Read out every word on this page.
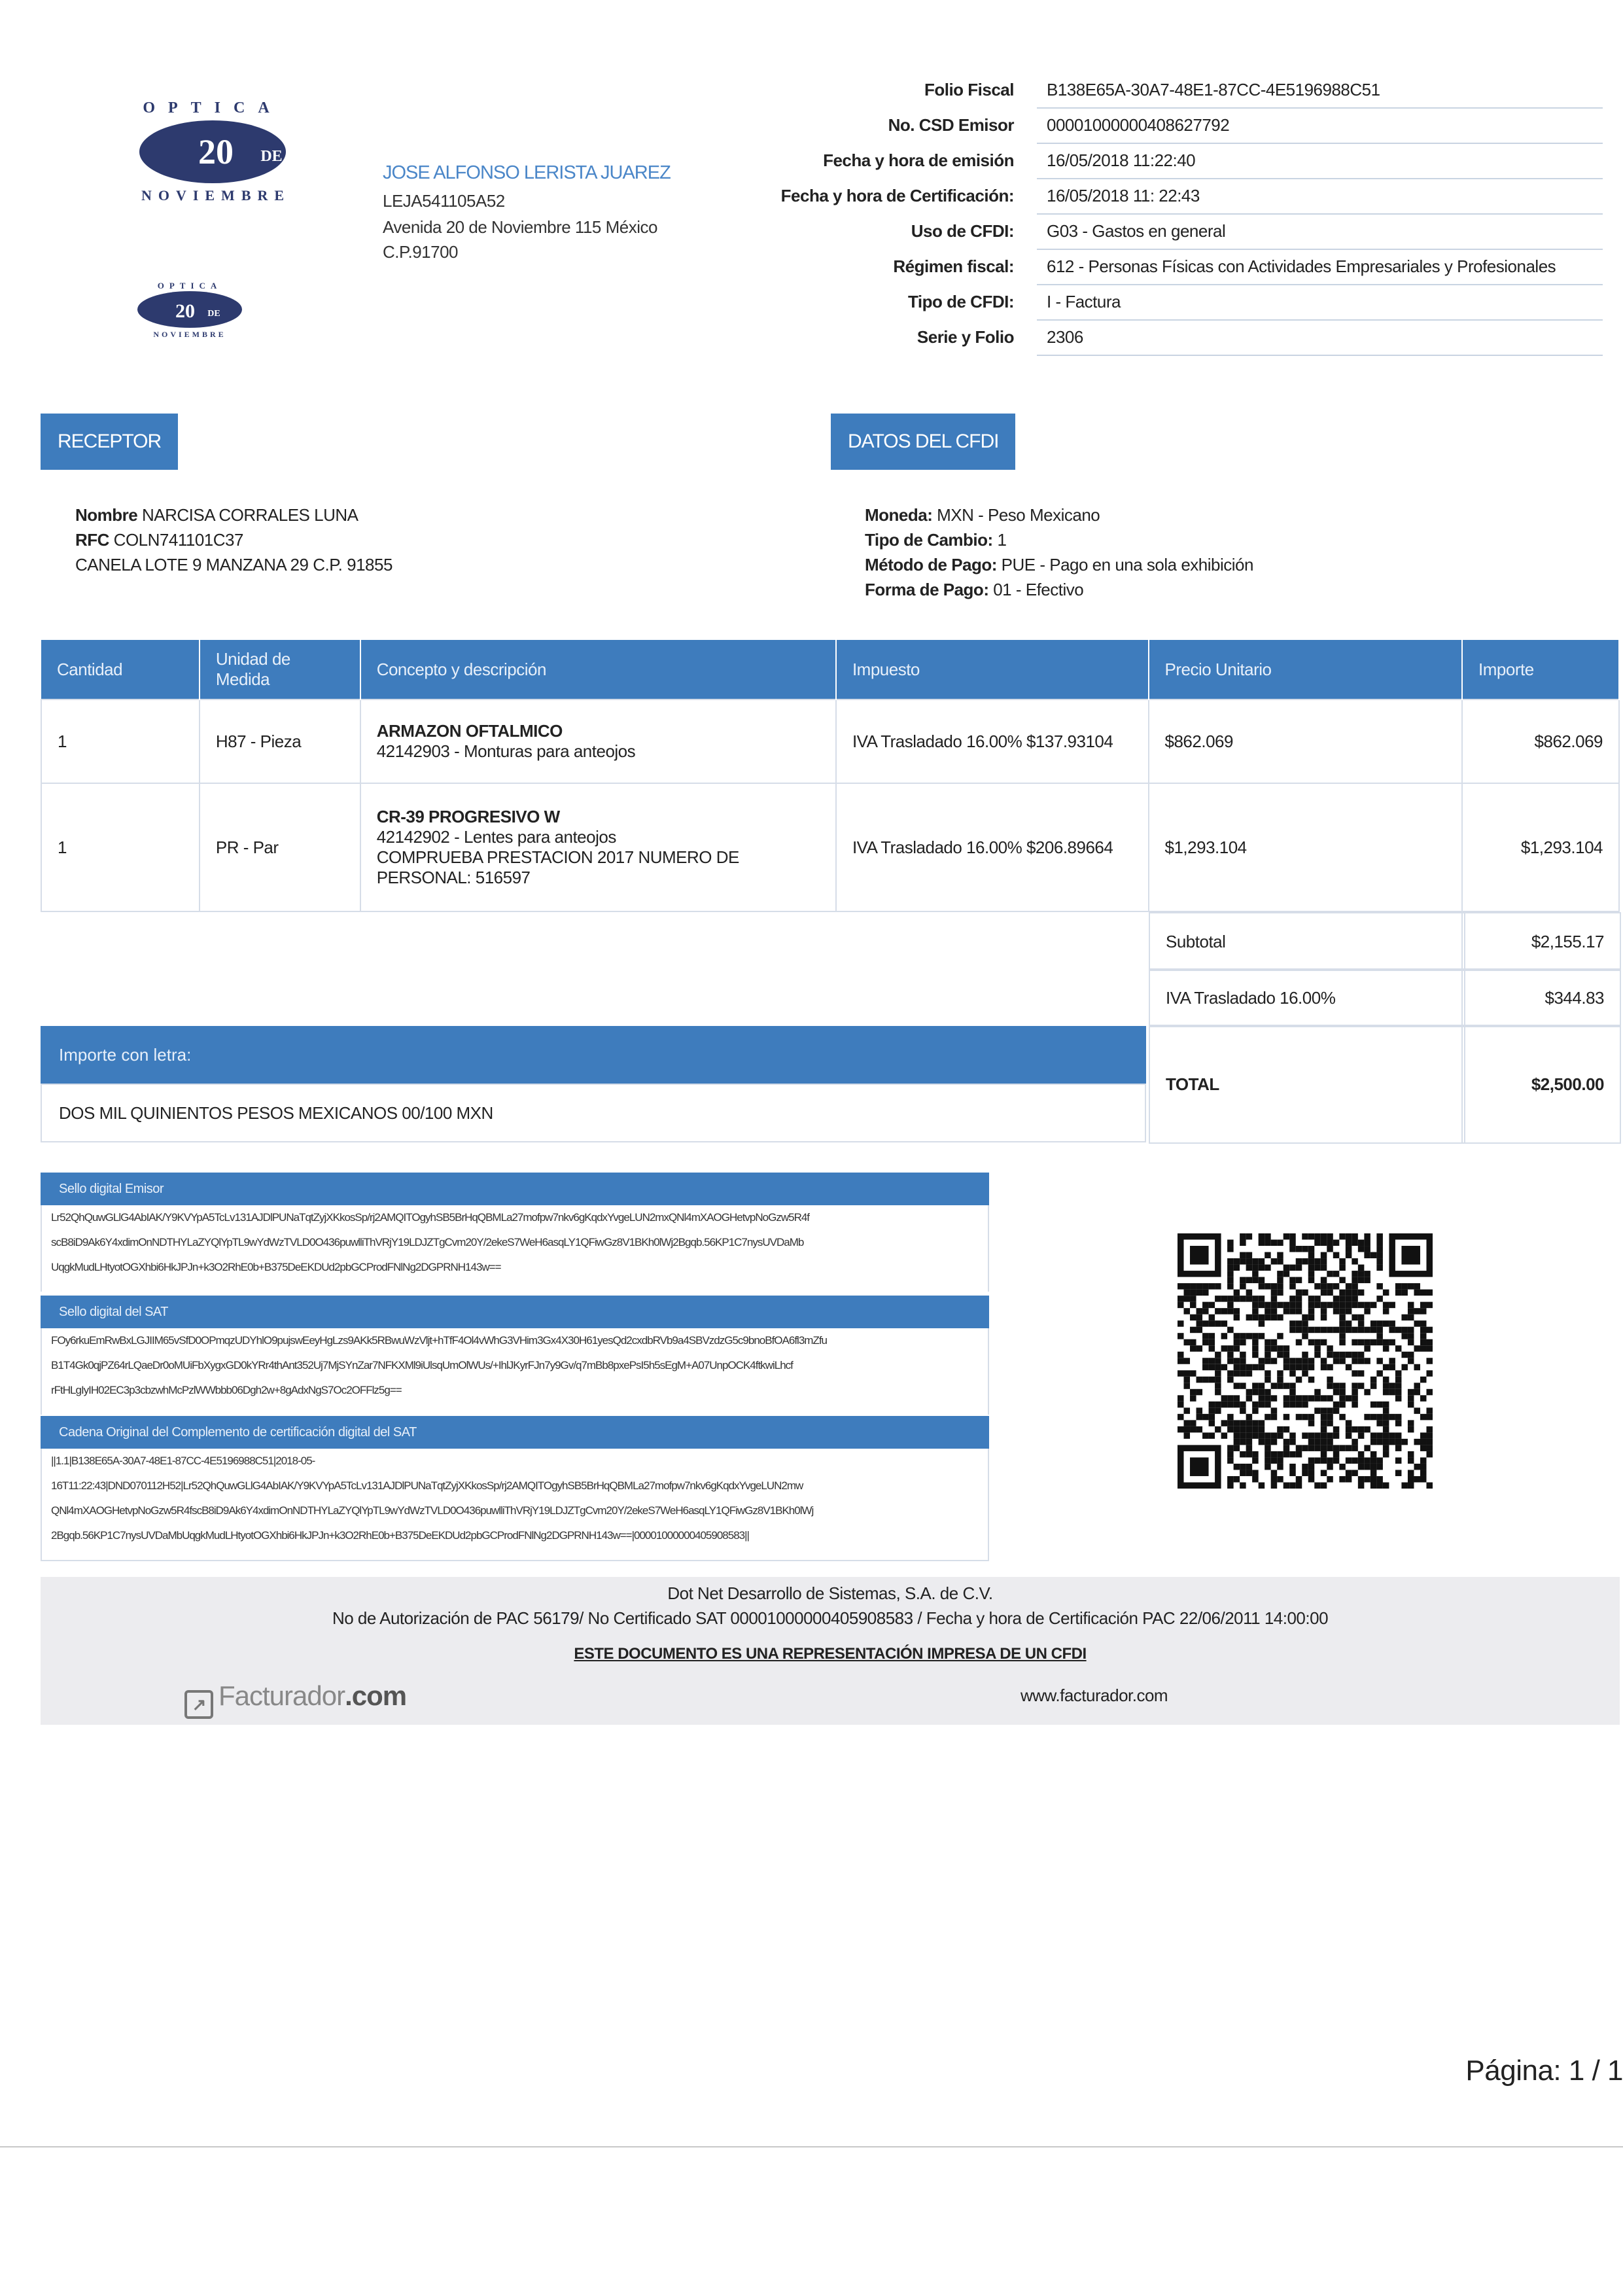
20 DE
OPTICA
NOVIEMBRE
20 DE
OPTICA
NOVIEMBRE
JOSE ALFONSO LERISTA JUAREZ
LEJA541105A52
Avenida 20 de Noviembre 115 México
C.P.91700
Folio Fiscal B138E65A-30A7-48E1-87CC-4E5196988C51
No. CSD Emisor 00001000000408627792
Fecha y hora de emisión 16/05/2018 11:22:40
Fecha y hora de Certificación: 16/05/2018 11: 22:43
Uso de CFDI: G03 - Gastos en general
Régimen fiscal: 612 - Personas Físicas con Actividades Empresariales y Profesionales
Tipo de CFDI: I - Factura
Serie y Folio 2306
RECEPTOR	DATOS DEL CFDI
Nombre NARCISA CORRALES LUNA
RFC COLN741101C37
CANELA LOTE 9 MANZANA 29 C.P. 91855
Moneda: MXN - Peso Mexicano
Tipo de Cambio: 1
Método de Pago: PUE - Pago en una sola exhibición
Forma de Pago: 01 - Efectivo
Cantidad	Unidad de Medida	Concepto y descripción	Impuesto	Precio Unitario	Importe
1	H87 - Pieza	ARMAZON OFTALMICO
42142903 - Monturas para anteojos	IVA Trasladado 16.00% $137.93104	$862.069	$862.069
1	PR - Par	CR-39 PROGRESIVO W
42142902 - Lentes para anteojos
COMPRUEBA PRESTACION 2017 NUMERO DE
PERSONAL: 516597	IVA Trasladado 16.00% $206.89664	$1,293.104	$1,293.104
Subtotal	$2,155.17
IVA Trasladado 16.00%	$344.83
TOTAL	$2,500.00
Importe con letra:
DOS MIL QUINIENTOS PESOS MEXICANOS 00/100 MXN
Sello digital Emisor
Lr52QhQuwGLlG4AbIAK/Y9KVYpA5TcLv131AJDlPUNaTqtZyjXKkosSp/rj2AMQITOgyhSB5BrHqQBMLa27mofpw7nkv6gKqdxYvgeLUN2mxQNl4mXAOGHetvpNoGzw5R4f
scB8iD9Ak6Y4xdimOnNDTHYLaZYQlYpTL9wYdWzTVLD0O436puwlliThVRjY19LDJZTgCvm20Y/2ekeS7WeH6asqLY1QFiwGz8V1BKh0lWj2Bgqb.56KP1C7nysUVDaMb
UqgkMudLHtyotOGXhbi6HkJPJn+k3O2RhE0b+B375DeEKDUd2pbGCProdFNlNg2DGPRNH143w==
Sello digital del SAT
FOy6rkuEmRwBxLGJIIM65vSfD0OPmqzUDYhlO9pujswEeyHgLzs9AKk5RBwuWzVljt+hTfF4Ol4vWhG3VHim3Gx4X30H61yesQd2cxdbRVb9a4SBVzdzG5c9bnoBfOA6fl3mZfu
B1T4Gk0qjPZ64rLQaeDr0oMUiFbXygxGD0kYRr4thAnt352Uj7MjSYnZar7NFKXMl9iUlsqUmOlWUs/+IhlJKyrFJn7y9Gv/q7mBb8pxePsI5h5sEgM+A07UnpOCK4ftkwiLhcf
rFtHLgIyIH02EC3p3cbzwhMcPzlWWbbb06Dgh2w+8gAdxNgS7Oc2OFFlz5g==
Cadena Original del Complemento de certificación digital del SAT
||1.1|B138E65A-30A7-48E1-87CC-4E5196988C51|2018-05-
16T11:22:43|DND070112H52|Lr52QhQuwGLlG4AbIAK/Y9KVYpA5TcLv131AJDlPUNaTqtZyjXKkosSp/rj2AMQITOgyhSB5BrHqQBMLa27mofpw7nkv6gKqdxYvgeLUN2mw
QNl4mXAOGHetvpNoGzw5R4fscB8iD9Ak6Y4xdimOnNDTHYLaZYQlYpTL9wYdWzTVLD0O436puwlliThVRjY19LDJZTgCvm20Y/2ekeS7WeH6asqLY1QFiwGz8V1BKh0lWj
2Bgqb.56KP1C7nysUVDaMbUqgkMudLHtyotOGXhbi6HkJPJn+k3O2RhE0b+B375DeEKDUd2pbGCProdFNlNg2DGPRNH143w==|00001000000405908583||
Dot Net Desarrollo de Sistemas, S.A. de C.V.
No de Autorización de PAC 56179/ No Certificado SAT 00001000000405908583 / Fecha y hora de Certificación PAC 22/06/2011 14:00:00
ESTE DOCUMENTO ES UNA REPRESENTACIÓN IMPRESA DE UN CFDI
↗ Facturador.com	www.facturador.com
Página: 1 / 1
